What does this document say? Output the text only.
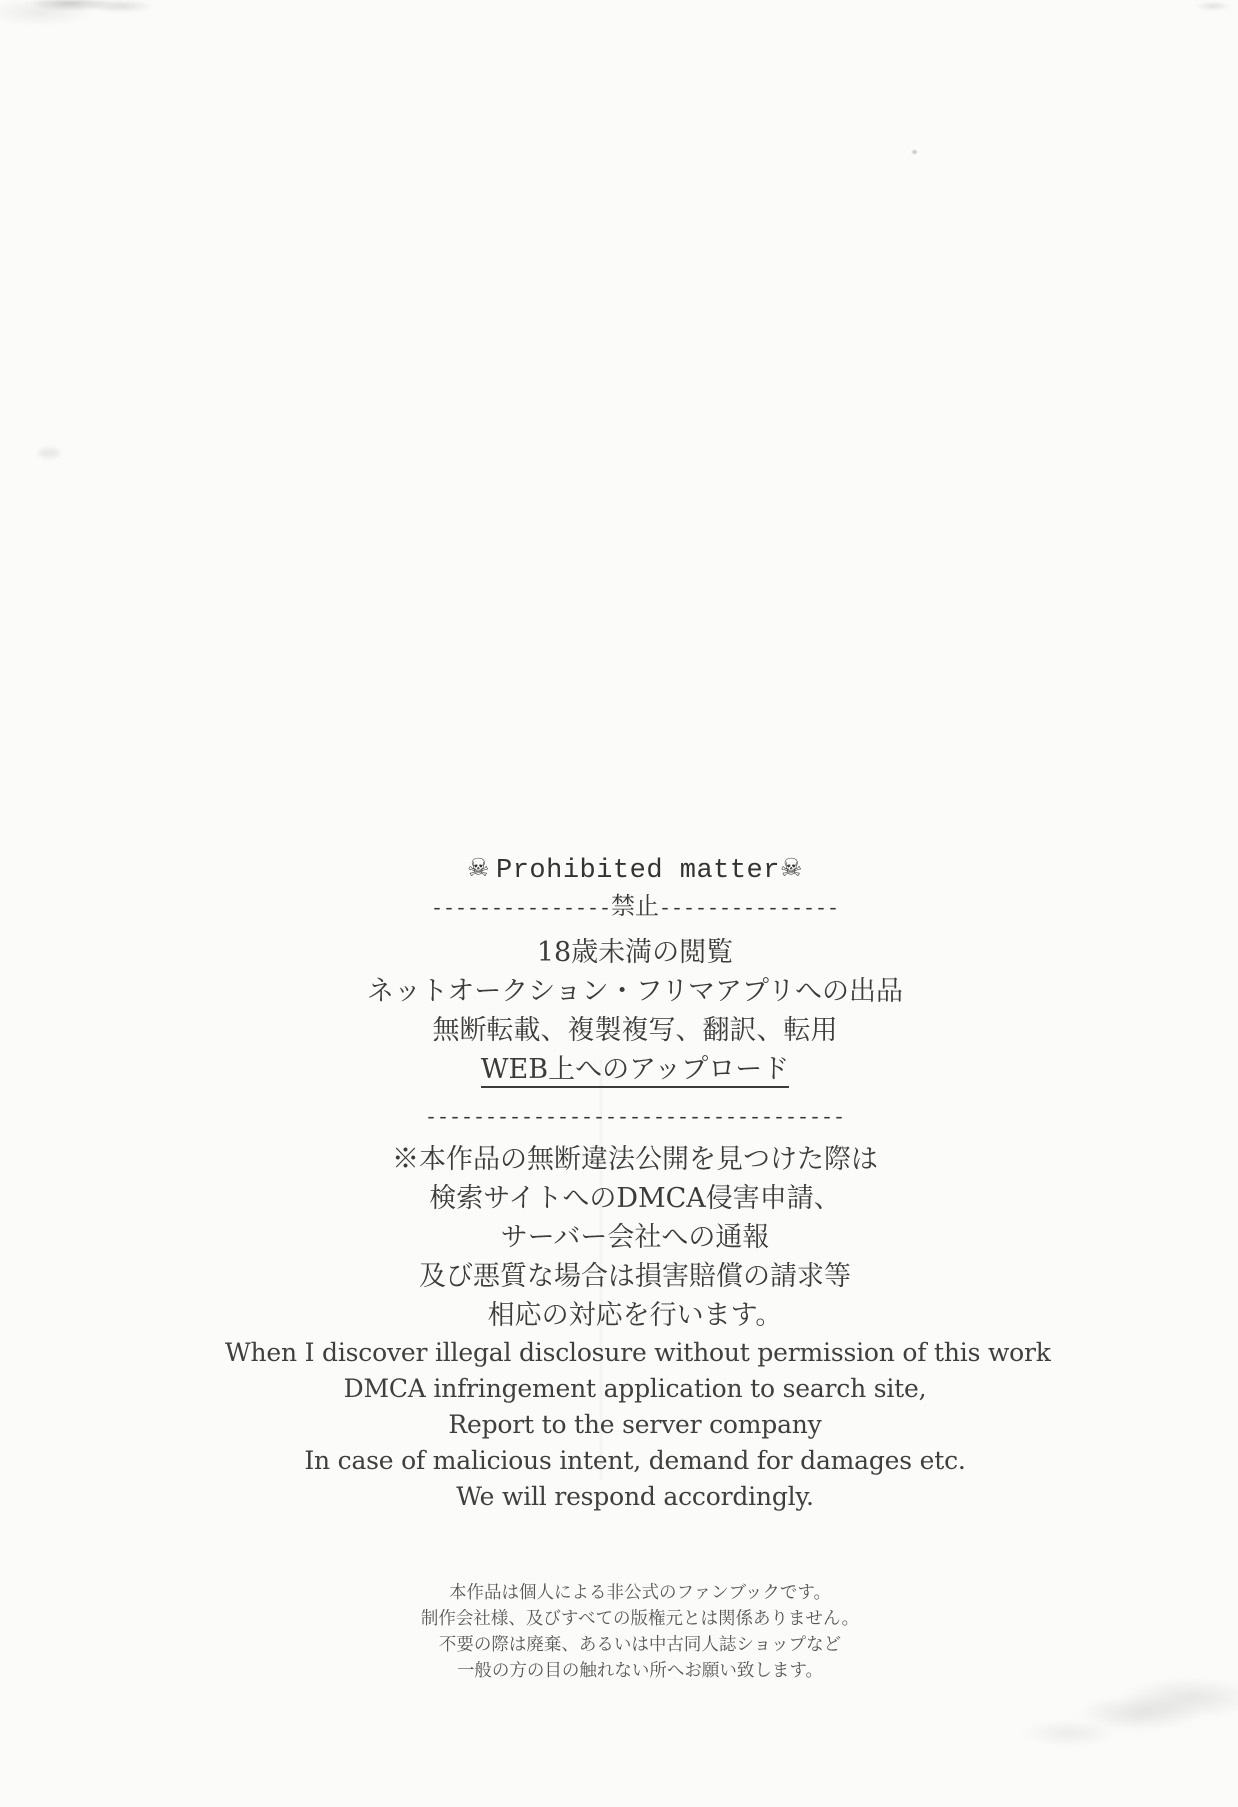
☠ Prohibited matter☠
---------------禁止---------------
18歳未満の閲覧
ネットオークション・フリマアプリへの出品
無断転載、複製複写、翻訳、転用
WEB上へのアップロード
-----------------------------------
※本作品の無断違法公開を見つけた際は
検索サイトへのDMCA侵害申請、
サーバー会社への通報
及び悪質な場合は損害賠償の請求等
相応の対応を行います。
When I discover illegal disclosure without permission of this work
DMCA infringement application to search site,
Report to the server company
In case of malicious intent, demand for damages etc.
We will respond accordingly.
本作品は個人による非公式のファンブックです。
制作会社様、及びすべての版権元とは関係ありません。
不要の際は廃棄、あるいは中古同人誌ショップなど
一般の方の目の触れない所へお願い致します。
